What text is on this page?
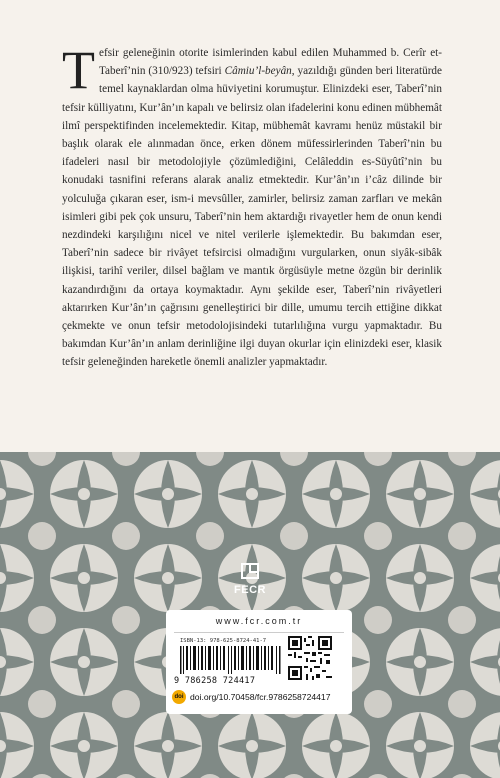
Tefsir geleneğinin otorite isimlerinden kabul edilen Muhammed b. Cerîr et-Taberî’nin (310/923) tefsiri Câmiu’l-beyân, yazıldığı günden beri literatürde temel kaynaklardan olma hüviyetini korumuştur. Elinizdeki eser, Taberî’nin tefsir külliyatını, Kur’ân’ın kapalı ve belirsiz olan ifadelerini konu edinen mübhemât ilmî perspektifinden incelemektedir. Kitap, mübhemât kavramı henüz müstakil bir başlık olarak ele alınmadan önce, erken dönem müfessirlerinden Taberî’nin bu ifadeleri nasıl bir metodolojiyle çözümlediğini, Celâleddin es-Süyûtî’nin bu konudaki tasnifini referans alarak analiz etmektedir. Kur’ân’ın i’câz dilinde bir yolculuğa çıkaran eser, ism-i mevsûller, zamirler, belirsiz zaman zarfları ve mekân isimleri gibi pek çok unsuru, Taberî’nin hem aktardığı rivayetler hem de onun kendi nezdindeki karşılığını nicel ve nitel verilerle işlemektedir. Bu bakımdan eser, Taberî’nin sadece bir rivâyet tefsircisi olmadığını vurgularken, onun siyâk-sibâk ilişkisi, tarihî veriler, dilsel bağlam ve mantık örgüsüyle metne özgün bir derinlik kazandırdığını da ortaya koymaktadır. Aynı şekilde eser, Taberî’nin rivâyetleri aktarırken Kur’ân’ın çağrısını genelleştirici bir dille, umumu tercih ettiğine dikkat çekmekte ve onun tefsir metodolojisindeki tutarlılığına vurgu yapmaktadır. Bu bakımdan Kur’ân’ın anlam derinliğine ilgi duyan okurlar için elinizdeki eser, klasik tefsir geleneğinden hareketle önemli analizler yapmaktadır.
FECR
www.fcr.com.tr
ISBN-13: 978-625-8724-41-7
9 786258 724417
doi doi.org/10.70458/fcr.9786258724417
